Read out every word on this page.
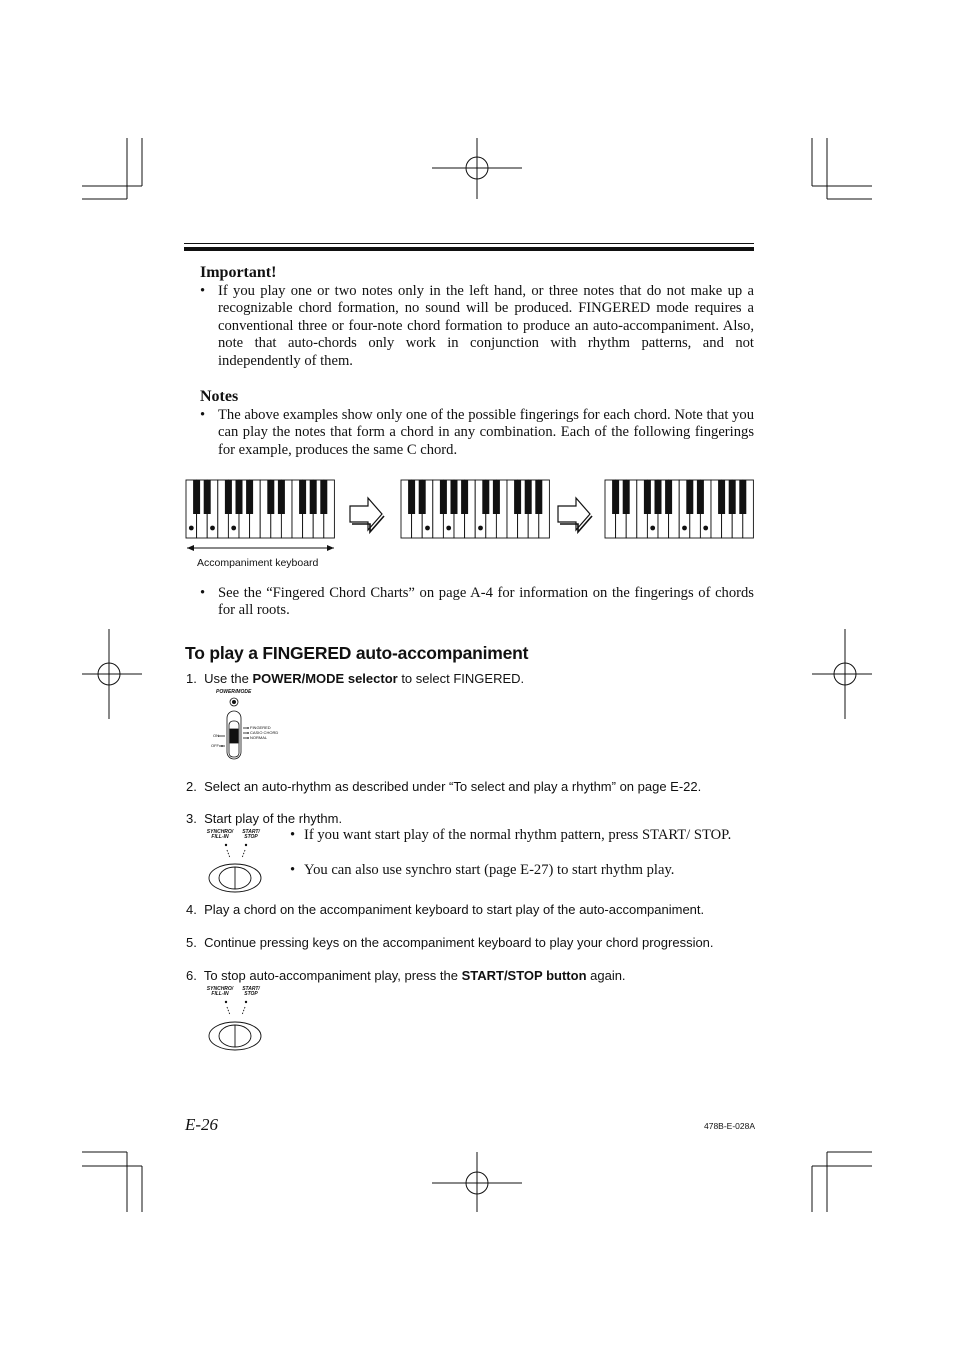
Important!
• If you play one or two notes only in the left hand, or three notes that do not make up a recognizable chord formation, no sound will be produced. FINGERED mode requires a conventional three or four-note chord formation to produce an auto-accompaniment. Also, note that auto-chords only work in conjunction with rhythm patterns, and not independently of them.
Notes
• The above examples show only one of the possible fingerings for each chord. Note that you can play the notes that form a chord in any combination. Each of the following fingerings for example, produces the same C chord.
Accompaniment keyboard
• See the “Fingered Chord Charts” on page A-4 for information on the fingerings of chords for all roots.
To play a FINGERED auto-accompaniment
1. Use the POWER/MODE selector to select FINGERED.
POWER/MODE
ON
OFF
FINGERED
CASIO CHORD
NORMAL
2. Select an auto-rhythm as described under “To select and play a rhythm” on page E-22.
3. Start play of the rhythm.
SYNCHRO/ FILL-IN
START/ STOP	• If you want start play of the normal rhythm pattern, press START/ STOP.
• You can also use synchro start (page E-27) to start rhythm play.
4. Play a chord on the accompaniment keyboard to start play of the auto-accompaniment.
5. Continue pressing keys on the accompaniment keyboard to play your chord progression.
6. To stop auto-accompaniment play, press the START/STOP button again.
SYNCHRO/ FILL-IN
START/ STOP
E-26	478B-E-028A
